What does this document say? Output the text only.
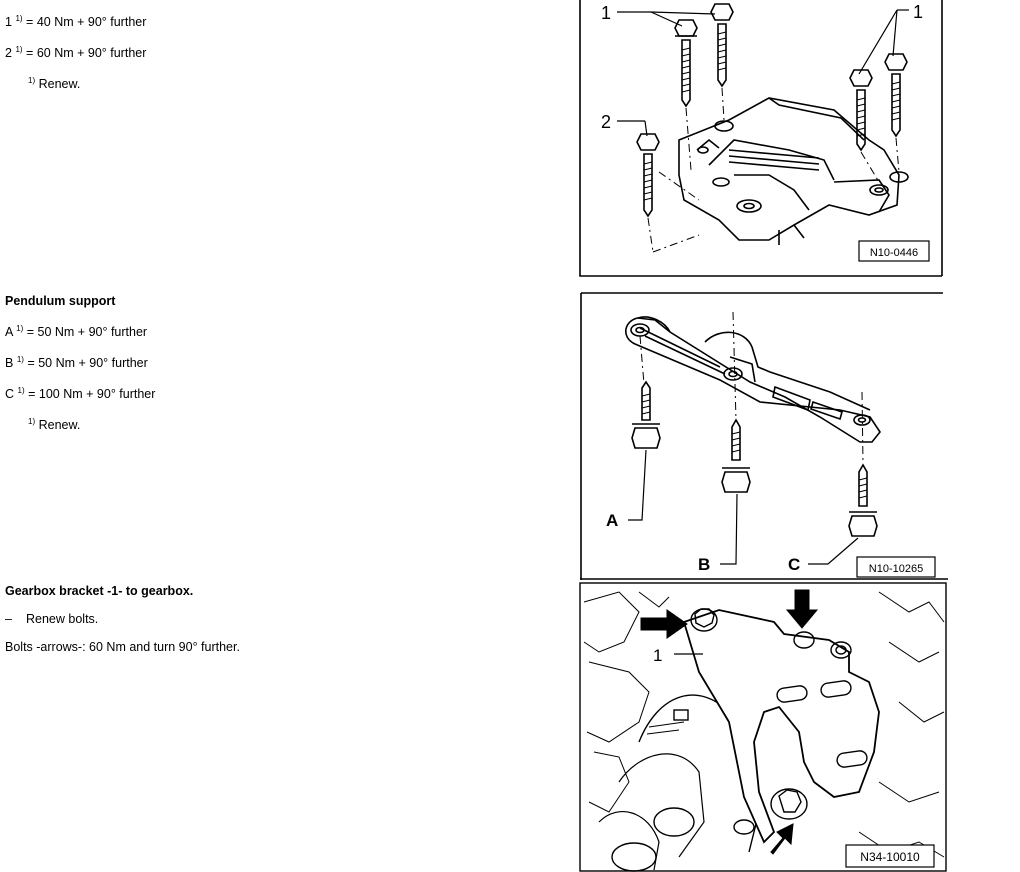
1 $^{1)}$ = 40 Nm + 90° further
2 $^{1)}$ = 60 Nm + 90° further
$^{1)}$ Renew.
Pendulum support
A $^{1)}$ = 50 Nm + 90° further
B $^{1)}$ = 50 Nm + 90° further
C $^{1)}$ = 100 Nm + 90° further
$^{1)}$ Renew.
Gearbox bracket -1- to gearbox.
– Renew bolts.
Bolts -arrows-: 60 Nm and turn 90° further.
1	1
2
N10-0446
A
B	C	N10-10265
1
N34-10010
